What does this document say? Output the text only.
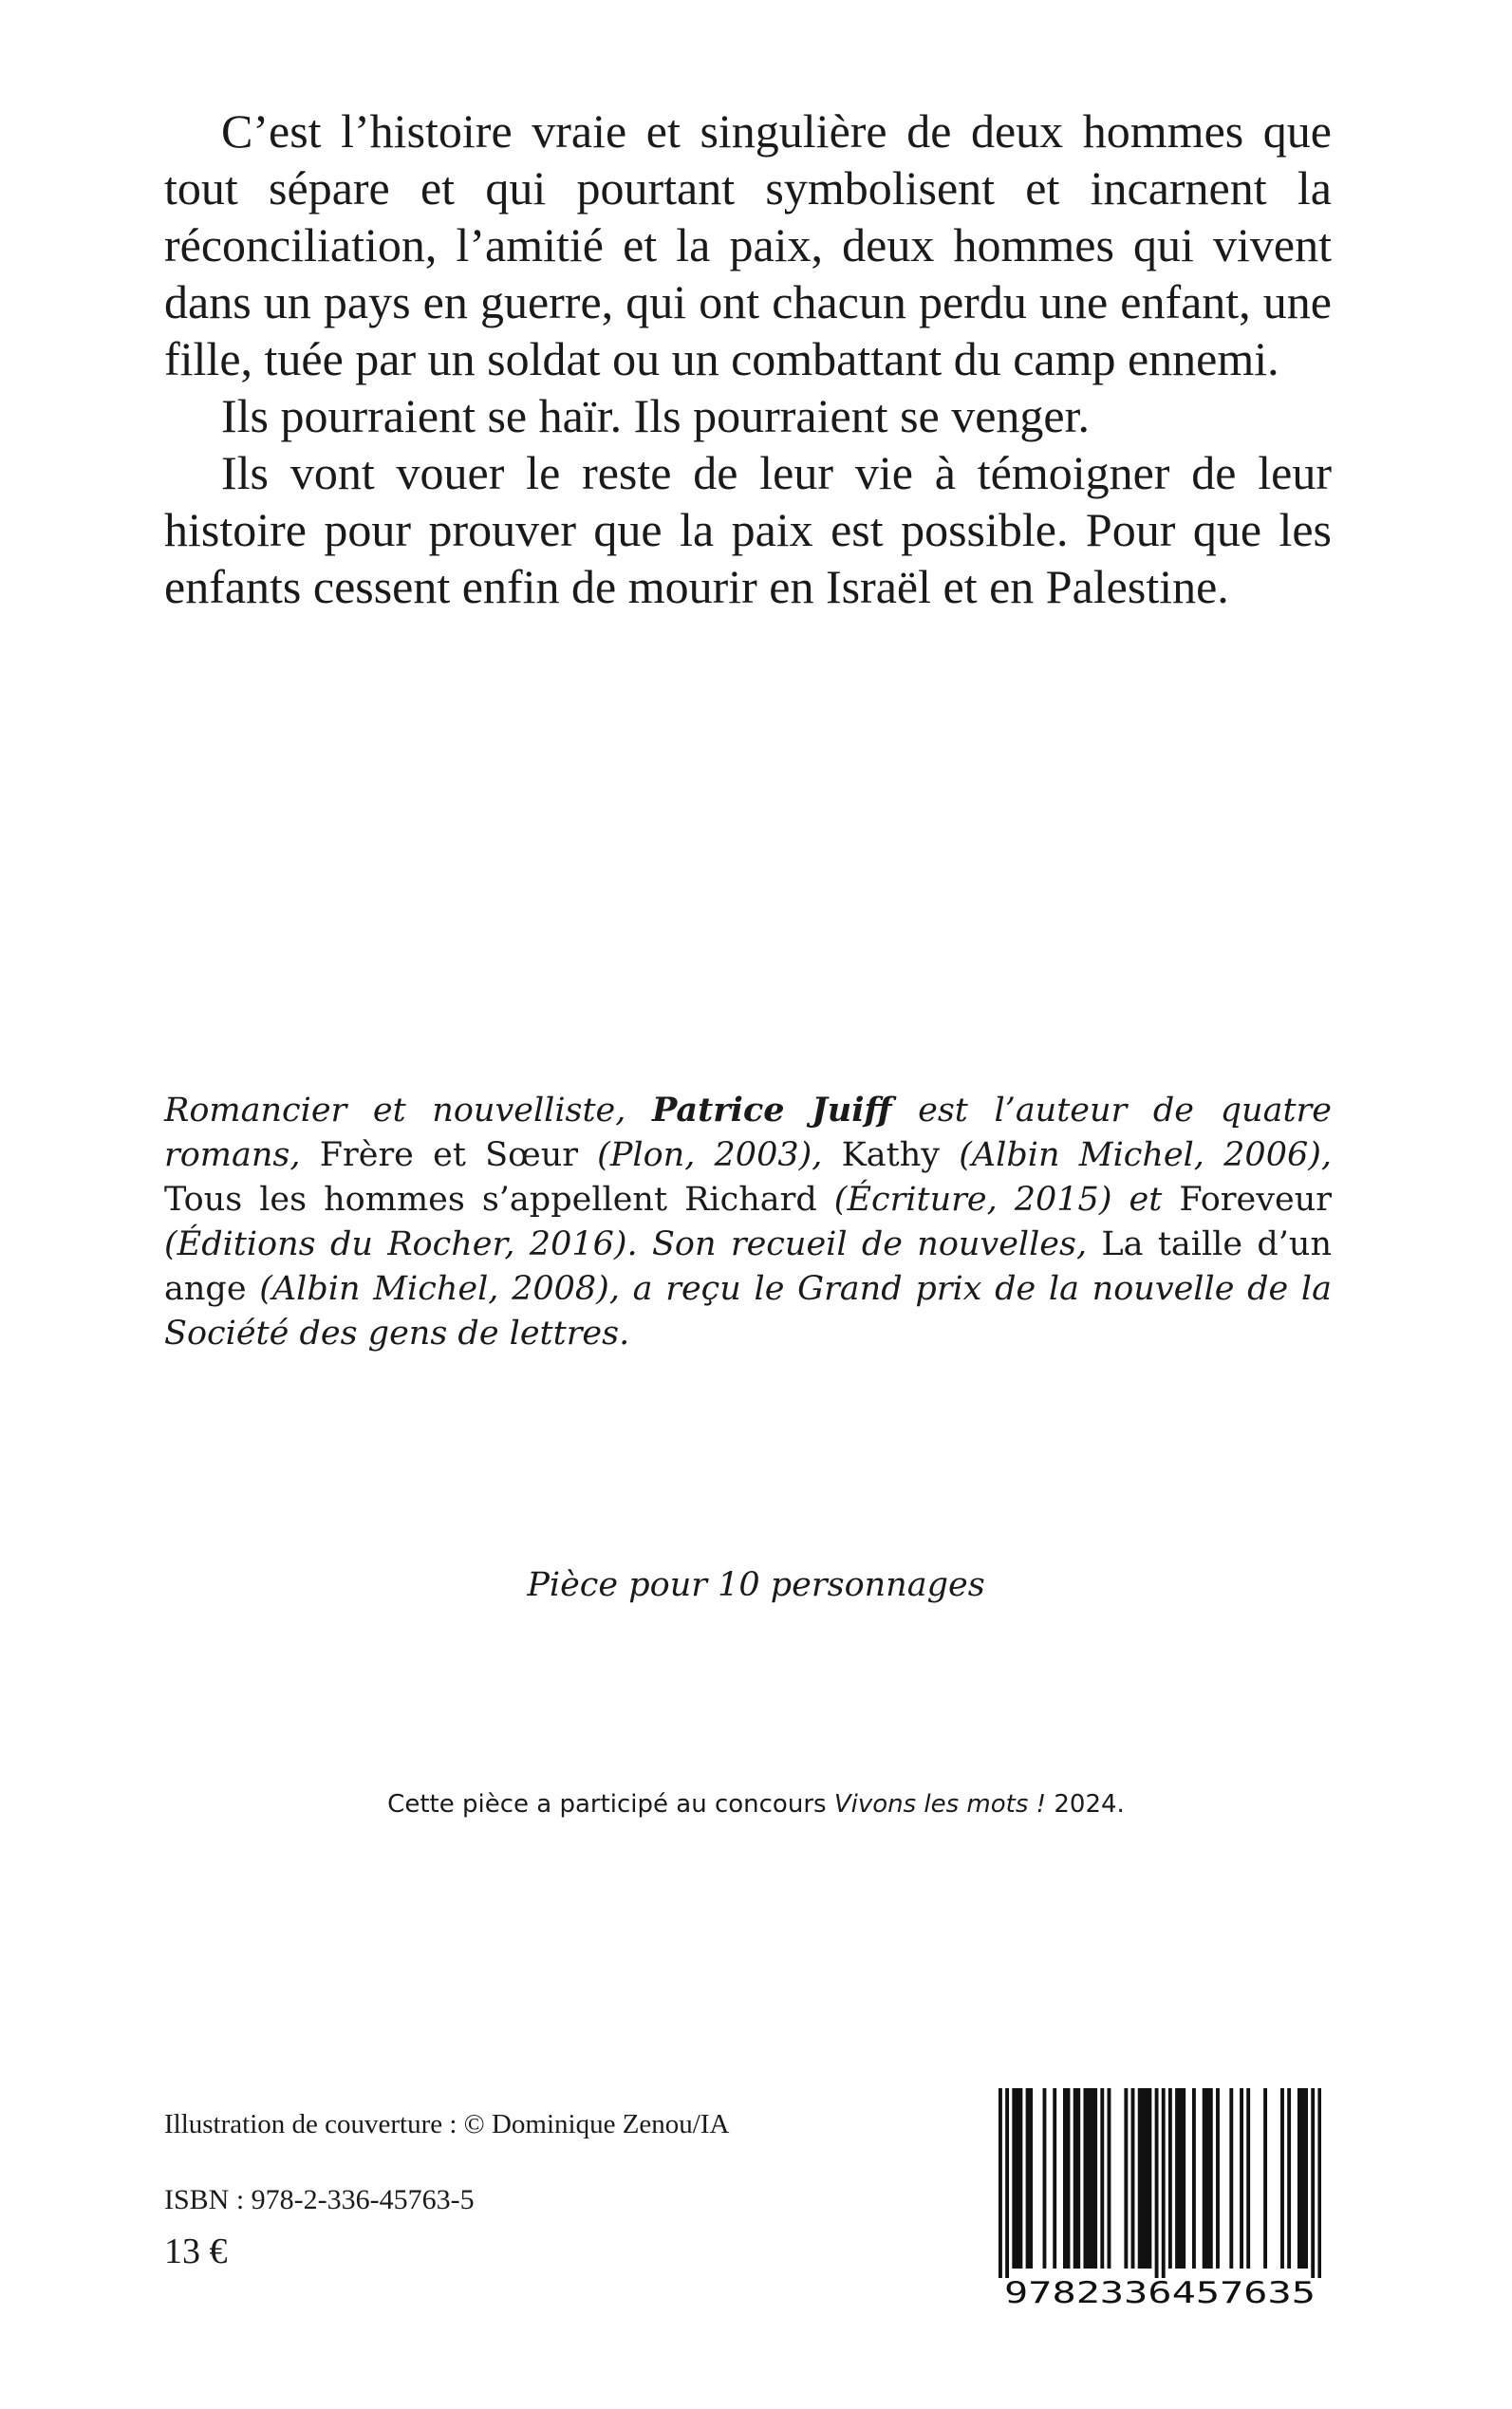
C’est l’histoire vraie et singulière de deux hommes que tout sépare et qui pourtant symbolisent et incarnent la réconciliation, l’amitié et la paix, deux hommes qui vivent dans un pays en guerre, qui ont chacun perdu une enfant, une fille, tuée par un soldat ou un combattant du camp ennemi.

Ils pourraient se haïr. Ils pourraient se venger.

Ils vont vouer le reste de leur vie à témoigner de leur histoire pour prouver que la paix est possible. Pour que les enfants cessent enfin de mourir en Israël et en Palestine.

Romancier et nouvelliste, Patrice Juiff est l’auteur de quatre romans, Frère et Sœur (Plon, 2003), Kathy (Albin Michel, 2006), Tous les hommes s’appellent Richard (Écriture, 2015) et Foreveur (Éditions du Rocher, 2016). Son recueil de nouvelles, La taille d’un ange (Albin Michel, 2008), a reçu le Grand prix de la nouvelle de la Société des gens de lettres.
Pièce pour 10 personnages
Cette pièce a participé au concours Vivons les mots ! 2024.
Illustration de couverture : © Dominique Zenou/IA
ISBN : 978-2-336-45763-5
13 €
9782336457635
